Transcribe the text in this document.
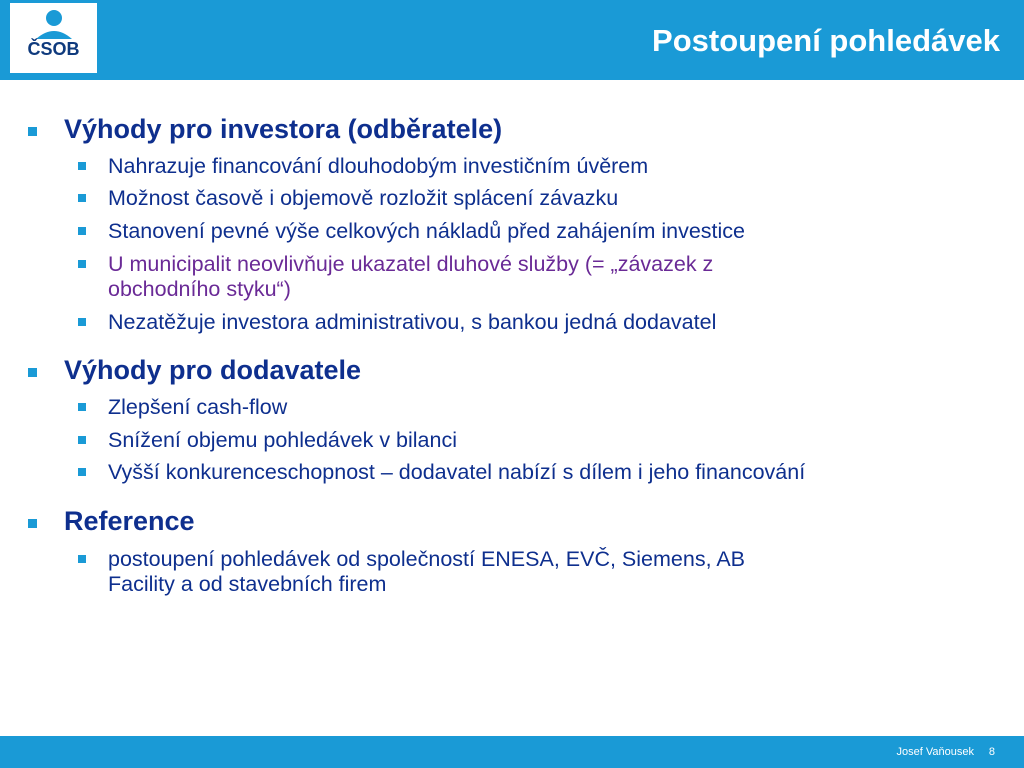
ČSOB	Postoupení pohledávek
Výhody pro investora (odběratele)
Nahrazuje financování dlouhodobým investičním úvěrem
Možnost časově i objemově rozložit splácení závazku
Stanovení pevné výše celkových nákladů před zahájením investice
U municipalit neovlivňuje ukazatel dluhové služby (= „závazek z
obchodního styku“)
Nezatěžuje investora administrativou, s bankou jedná dodavatel
Výhody pro dodavatele
Zlepšení cash-flow
Snížení objemu pohledávek v bilanci
Vyšší konkurenceschopnost – dodavatel nabízí s dílem i jeho financování
Reference
postoupení pohledávek od společností ENESA, EVČ, Siemens, AB
Facility a od stavebních firem
Josef Vaňousek 8
